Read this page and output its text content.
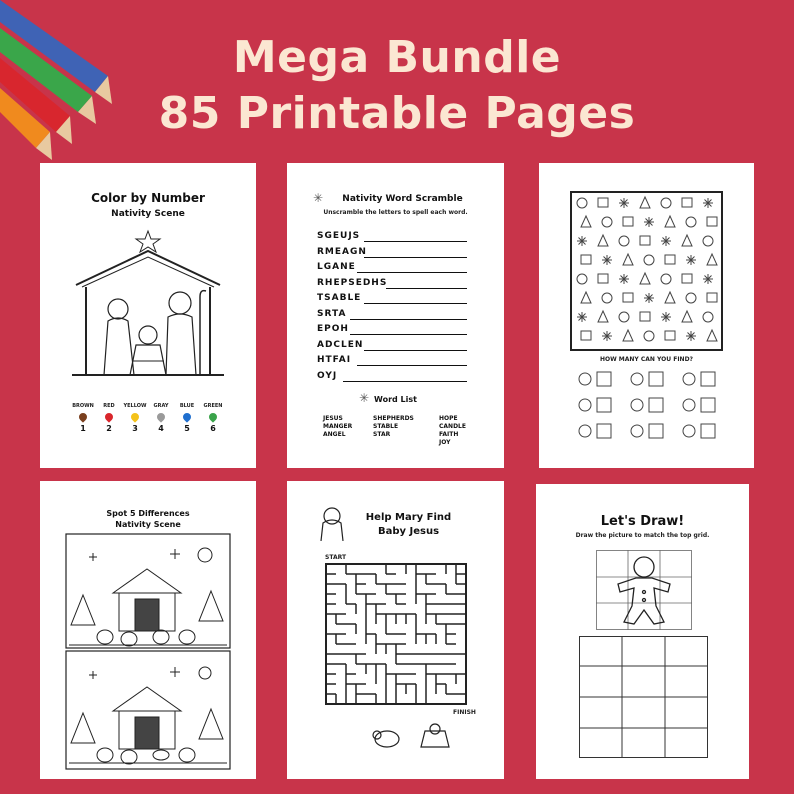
Mega Bundle
85 Printable Pages
Color by Number
Nativity Scene
BROWN
1
RED
2
YELLOW
3
GRAY
4
BLUE
5
GREEN
6
✳	Nativity Word Scramble
Unscramble the letters to spell each word.
✳ Word List
JESUS
MANGER
ANGEL
SHEPHERDS
STABLE
STAR
HOPE
CANDLE
FAITH
JOY
SGEUJS
RMEAGN
LGANE
RHEPSEDHS
TSABLE
SRTA
EPOH
ADCLEN
HTFAI
OYJ
HOW MANY CAN YOU FIND?
Spot 5 Differences
Nativity Scene
Help Mary Find
Baby Jesus
START
FINISH
Let's Draw!
Draw the picture to match the top grid.
